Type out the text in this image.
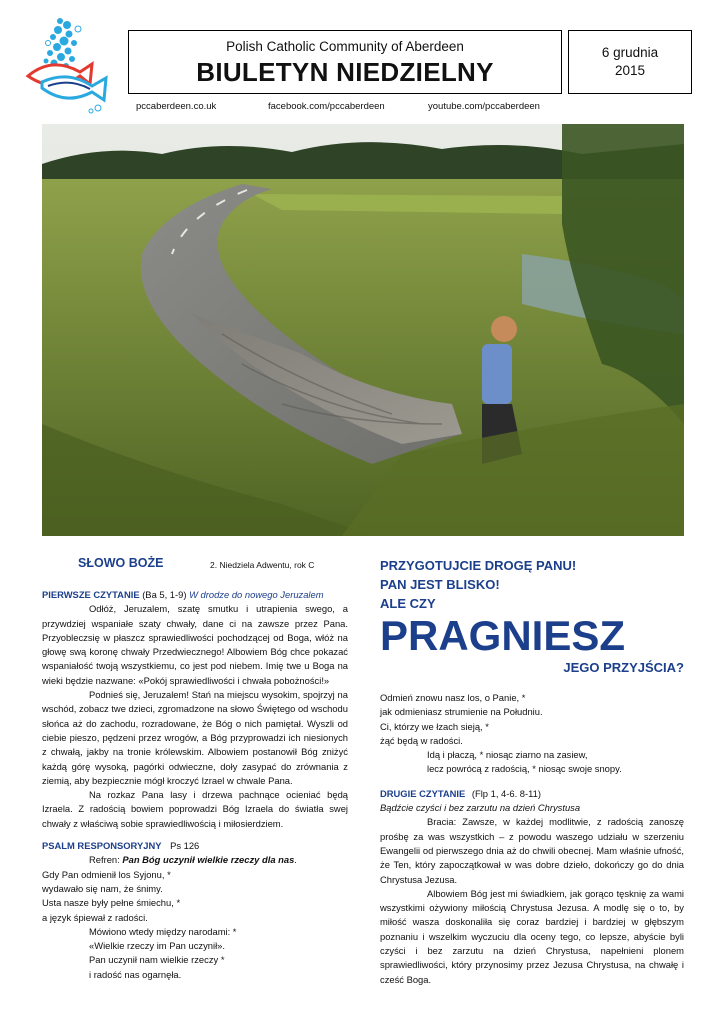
Polish Catholic Community of Aberdeen
BIULETYN NIEDZIELNY
6 grudnia
2015
pccaberdeen.co.uk	facebook.com/pccaberdeen	youtube.com/pccaberdeen
SŁOWO BOŻE	2. Niedziela Adwentu, rok C

PIERWSZE CZYTANIE (Ba 5, 1-9) W drodze do nowego Jeruzalem

Odłóż, Jeruzalem, szatę smutku i utrapienia swego, a przywdziej wspaniałe szaty chwały, dane ci na zawsze przez Pana. Przyobleczsię w płaszcz sprawiedliwości pochodzącej od Boga, włóż na głowę swą koronę chwały Przedwiecznego! Albowiem Bóg chce pokazać wspaniałość twoją wszystkiemu, co jest pod niebem. Imię twe u Boga na wieki będzie nazwane: «Pokój sprawiedliwości i chwała pobożności!»

Podnieś się, Jeruzalem! Stań na miejscu wysokim, spojrzyj na wschód, zobacz twe dzieci, zgromadzone na słowo Świętego od wschodu słońca aż do zachodu, rozradowane, że Bóg o nich pamiętał. Wyszli od ciebie pieszo, pędzeni przez wrogów, a Bóg przyprowadzi ich niesionych z chwałą, jakby na tronie królewskim. Albowiem postanowił Bóg zniżyć każdą górę wysoką, pagórki odwieczne, doły zasypać do zrównania z ziemią, aby bezpiecznie mógł kroczyć Izrael w chwale Pana.

Na rozkaz Pana lasy i drzewa pachnące ocieniać będą Izraela. Z radością bowiem poprowadzi Bóg Izraela do światła swej chwały z właściwą sobie sprawiedliwością i miłosierdziem.

PSALM RESPONSORYJNY Ps 126

Refren: Pan Bóg uczynił wielkie rzeczy dla nas.

Gdy Pan odmienił los Syjonu, *
wydawało się nam, że śnimy.
Usta nasze były pełne śmiechu, *
a język śpiewał z radości.
Mówiono wtedy między narodami: *
«Wielkie rzeczy im Pan uczynił».
Pan uczynił nam wielkie rzeczy *
i radość nas ogarnęła.
PRZYGOTUJCIE DROGĘ PANU!
PAN JEST BLISKO!
ALE CZY
PRAGNIESZ
JEGO PRZYJŚCIA?
Odmień znowu nasz los, o Panie, *
jak odmieniasz strumienie na Południu.
Ci, którzy we łzach sieją, *
żąć będą w radości.
Idą i płaczą, * niosąc ziarno na zasiew,
lecz powrócą z radością, * niosąc swoje snopy.

DRUGIE CZYTANIE (Flp 1, 4-6. 8-11)

Bądźcie czyści i bez zarzutu na dzień Chrystusa

Bracia: Zawsze, w każdej modlitwie, z radością zanoszę prośbę za was wszystkich – z powodu waszego udziału w szerzeniu Ewangelii od pierwszego dnia aż do chwili obecnej. Mam właśnie ufność, że Ten, który zapoczątkował w was dobre dzieło, dokończy go do dnia Chrystusa Jezusa.

Albowiem Bóg jest mi świadkiem, jak gorąco tęsknię za wami wszystkimi ożywiony miłością Chrystusa Jezusa. A modlę się o to, by miłość wasza doskonaliła się coraz bardziej i bardziej w głębszym poznaniu i wszelkim wyczuciu dla oceny tego, co lepsze, abyście byli czyści i bez zarzutu na dzień Chrystusa, napełnieni plonem sprawiedliwości, który przynosimy przez Jezusa Chrystusa, na chwałę i cześć Boga.
